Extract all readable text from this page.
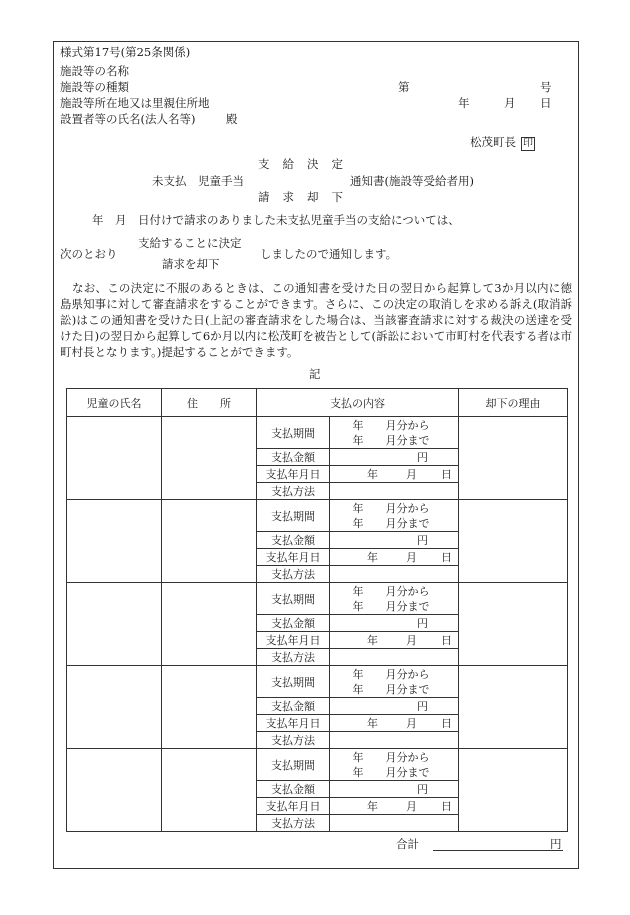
様式第17号(第25条関係)
施設等の名称
施設等の種類
施設等所在地又は里親住所地
設置者等の氏名(法人名等)	殿
第	号
年	月 日
松茂町長 印
支給決定
未支払　児童手当	通知書(施設等受給者用)
請求却下
年　月　日付けで請求のありました未支払児童手当の支給については、
次のとおり
支給することに決定
請求を却下
しましたので通知します。
なお、この決定に不服のあるときは、この通知書を受けた日の翌日から起算して3か月以内に徳島県知事に対して審査請求をすることができます。さらに、この決定の取消しを求める訴え(取消訴訟)はこの通知書を受けた日(上記の審査請求をした場合は、当該審査請求に対する裁決の送達を受けた日)の翌日から起算して6か月以内に松茂町を被告として(訴訟において市町村を代表する者は市町村長となります。)提起することができます。
記
児童の氏名	住　　所	支払の内容		却下の理由
		支払期間	年　　月分から
年　　月分まで	

		支払金額	円	
		支払年月日	年 月 日	
		支払方法		
		支払期間	年　　月分から
年　　月分まで	

		支払金額	円	
		支払年月日	年 月 日	
		支払方法		
		支払期間	年　　月分から
年　　月分まで	

		支払金額	円	
		支払年月日	年 月 日	
		支払方法		
		支払期間	年　　月分から
年　　月分まで	

		支払金額	円	
		支払年月日	年 月 日	
		支払方法		
		支払期間	年　　月分から
年　　月分まで	

		支払金額	円	
		支払年月日	年 月 日	
		支払方法		
合計	円
